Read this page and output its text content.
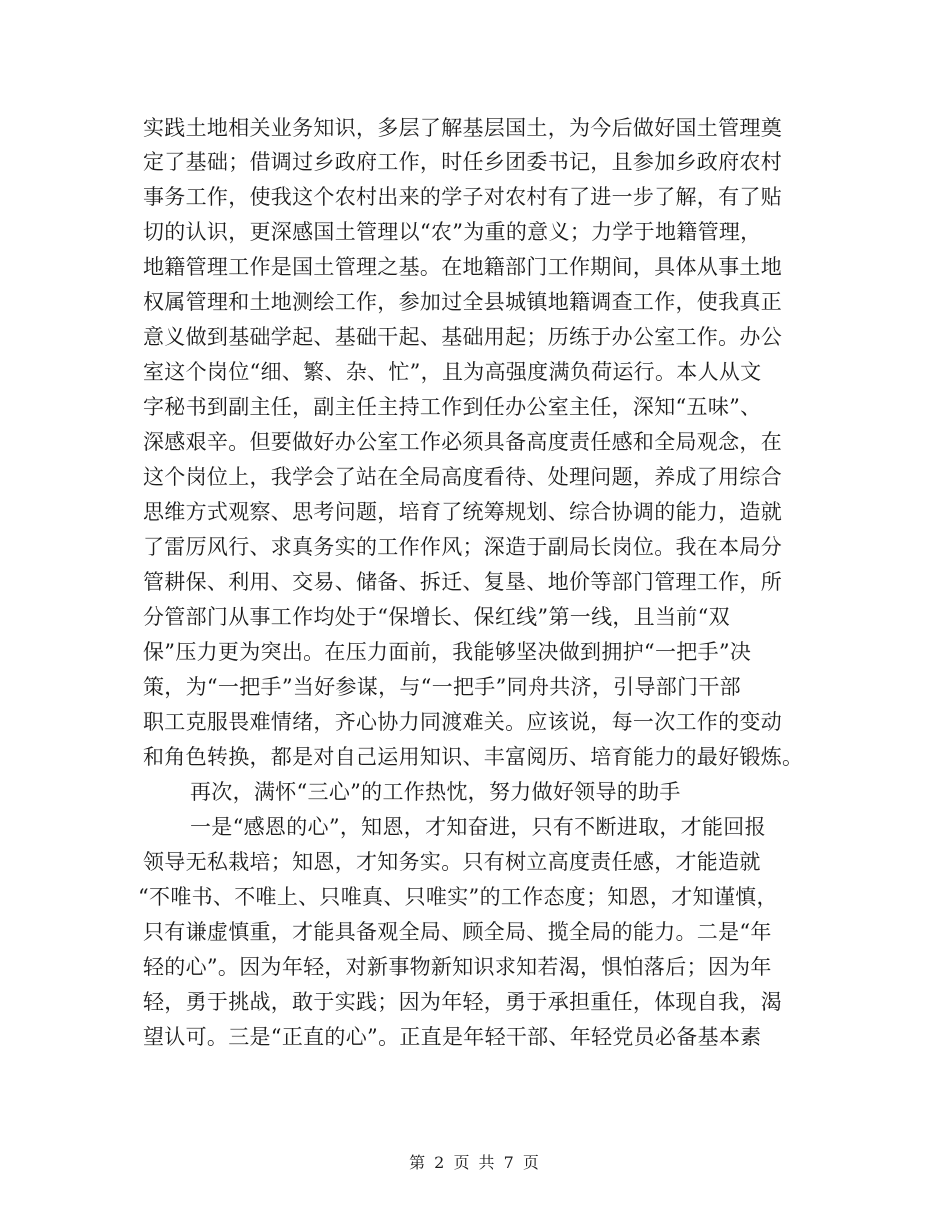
实践土地相关业务知识，多层了解基层国土，为今后做好国土管理奠
定了基础；借调过乡政府工作，时任乡团委书记，且参加乡政府农村
事务工作，使我这个农村出来的学子对农村有了进一步了解，有了贴
切的认识，更深感国土管理以“农”为重的意义；力学于地籍管理，
地籍管理工作是国土管理之基。在地籍部门工作期间，具体从事土地
权属管理和土地测绘工作，参加过全县城镇地籍调查工作，使我真正
意义做到基础学起、基础干起、基础用起；历练于办公室工作。办公
室这个岗位“细、繁、杂、忙”，且为高强度满负荷运行。本人从文
字秘书到副主任，副主任主持工作到任办公室主任，深知“五味”、
深感艰辛。但要做好办公室工作必须具备高度责任感和全局观念，在
这个岗位上，我学会了站在全局高度看待、处理问题，养成了用综合
思维方式观察、思考问题，培育了统筹规划、综合协调的能力，造就
了雷厉风行、求真务实的工作作风；深造于副局长岗位。我在本局分
管耕保、利用、交易、储备、拆迁、复垦、地价等部门管理工作，所
分管部门从事工作均处于“保增长、保红线”第一线，且当前“双
保”压力更为突出。在压力面前，我能够坚决做到拥护“一把手”决
策，为“一把手”当好参谋，与“一把手”同舟共济，引导部门干部
职工克服畏难情绪，齐心协力同渡难关。应该说，每一次工作的变动
和角色转换，都是对自己运用知识、丰富阅历、培育能力的最好锻炼。
再次，满怀“三心”的工作热忱，努力做好领导的助手
一是“感恩的心”，知恩，才知奋进，只有不断进取，才能回报
领导无私栽培；知恩，才知务实。只有树立高度责任感，才能造就
“不唯书、不唯上、只唯真、只唯实”的工作态度；知恩，才知谨慎，
只有谦虚慎重，才能具备观全局、顾全局、揽全局的能力。二是“年
轻的心”。因为年轻，对新事物新知识求知若渴，惧怕落后；因为年
轻，勇于挑战，敢于实践；因为年轻，勇于承担重任，体现自我，渴
望认可。三是“正直的心”。正直是年轻干部、年轻党员必备基本素
第 2 页 共 7 页
